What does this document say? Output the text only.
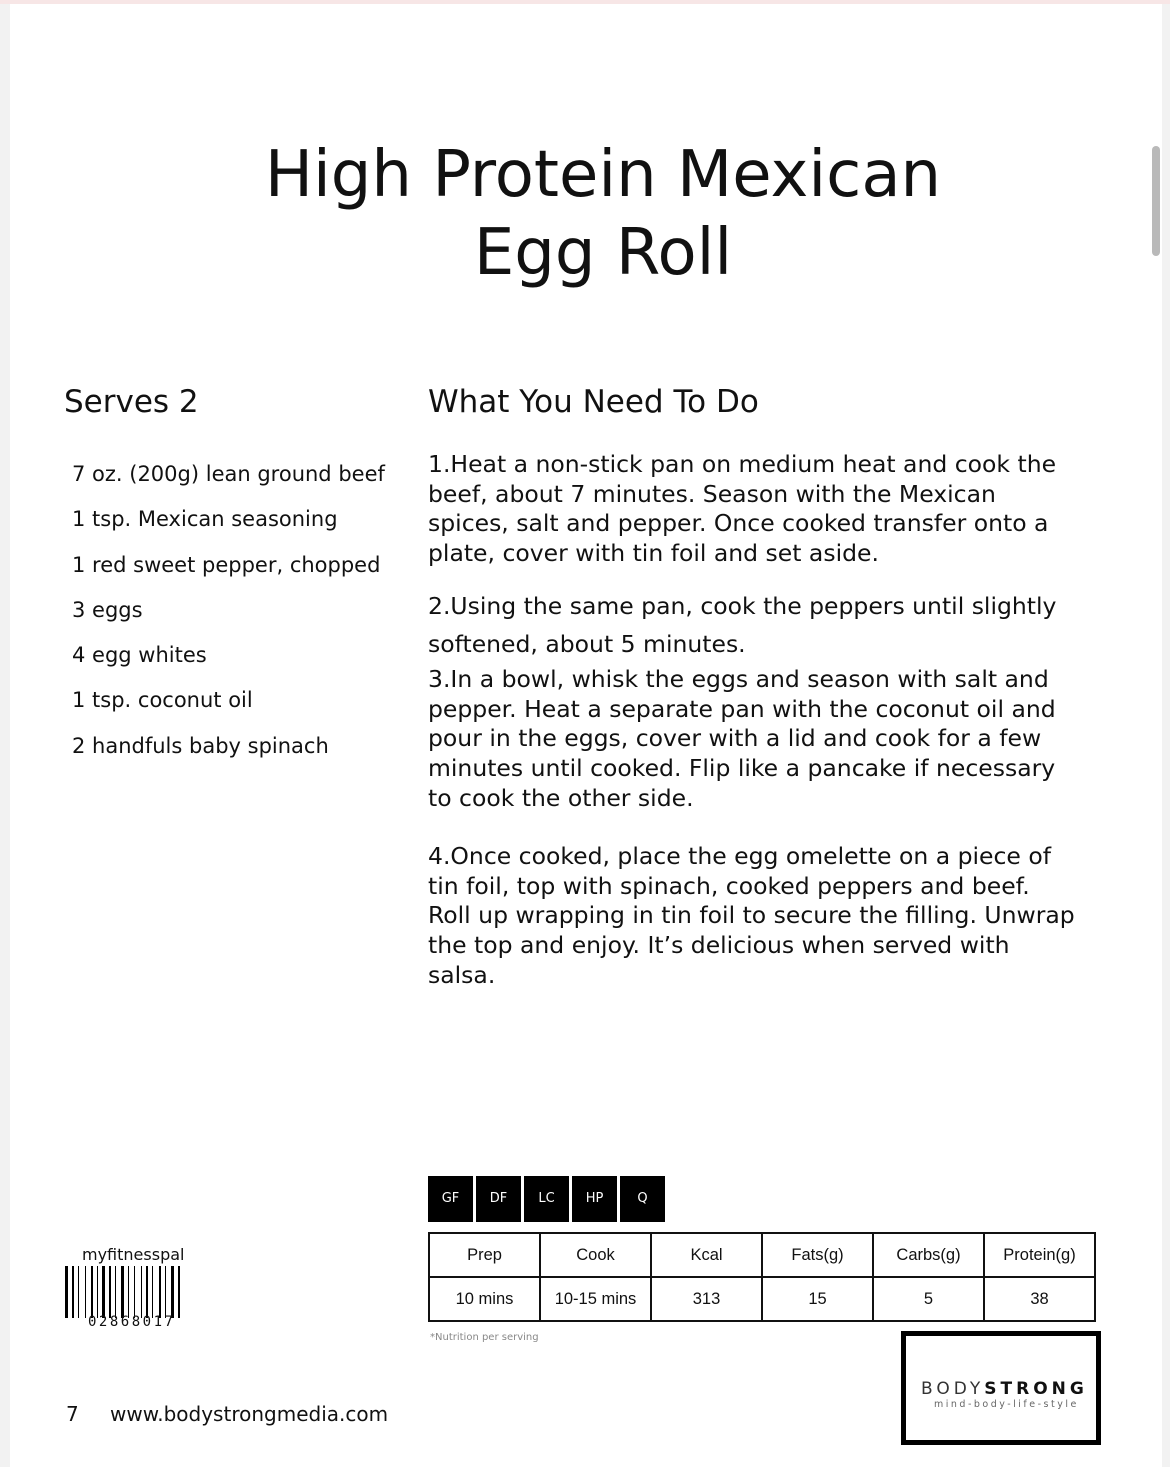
High Protein Mexican
Egg Roll
Serves 2
7 oz. (200g) lean ground beef
1 tsp. Mexican seasoning
1 red sweet pepper, chopped
3 eggs
4 egg whites
1 tsp. coconut oil
2 handfuls baby spinach
What You Need To Do

1.Heat a non-stick pan on medium heat and cook the beef, about 7 minutes. Season with the Mexican spices, salt and pepper. Once cooked transfer onto a plate, cover with tin foil and set aside.

2.Using the same pan, cook the peppers until slightly softened, about 5 minutes.

3.In a bowl, whisk the eggs and season with salt and pepper. Heat a separate pan with the coconut oil and pour in the eggs, cover with a lid and cook for a few minutes until cooked. Flip like a pancake if necessary to cook the other side.

4.Once cooked, place the egg omelette on a piece of tin foil, top with spinach, cooked peppers and beef. Roll up wrapping in tin foil to secure the filling. Unwrap the top and enjoy. It’s delicious when served with salsa.

GF	DF	LC	HP	Q
Prep	Cook	Kcal	Fats(g)	Carbs(g)	Protein(g)
10 mins	10-15 mins	313	15	5	38
*Nutrition per serving

myfitnesspal

02868017
7 www.bodystrongmedia.com
BODYSTRONG
mind-body-life-style
